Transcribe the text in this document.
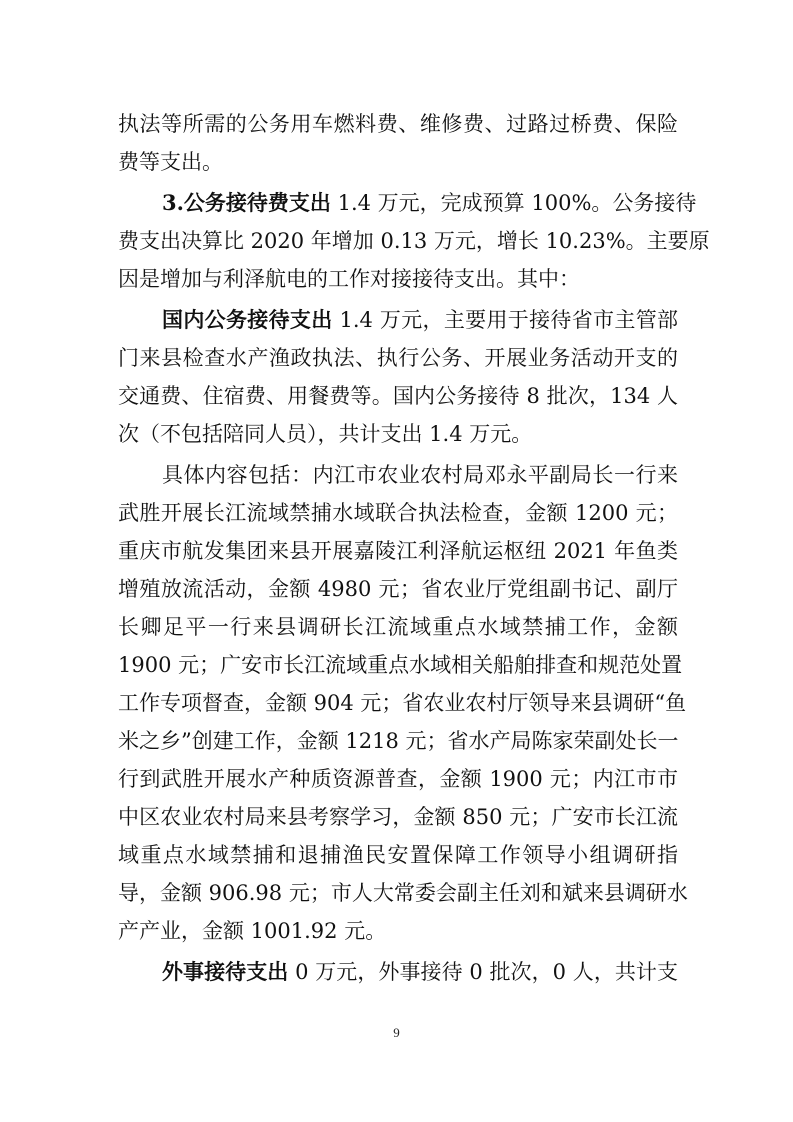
执法等所需的公务用车燃料费、维修费、过路过桥费、保险
费等支出。
3.公务接待费支出 1.4 万元，完成预算 100%。公务接待
费支出决算比 2020 年增加 0.13 万元，增长 10.23%。主要原
因是增加与利泽航电的工作对接接待支出。其中：
国内公务接待支出 1.4 万元，主要用于接待省市主管部
门来县检查水产渔政执法、执行公务、开展业务活动开支的
交通费、住宿费、用餐费等。国内公务接待 8 批次，134 人
次（不包括陪同人员），共计支出 1.4 万元。
具体内容包括：内江市农业农村局邓永平副局长一行来
武胜开展长江流域禁捕水域联合执法检查，金额 1200 元；
重庆市航发集团来县开展嘉陵江利泽航运枢纽 2021 年鱼类
增殖放流活动，金额 4980 元；省农业厅党组副书记、副厅
长卿足平一行来县调研长江流域重点水域禁捕工作，金额
1900 元；广安市长江流域重点水域相关船舶排查和规范处置
工作专项督查，金额 904 元；省农业农村厅领导来县调研“鱼
米之乡”创建工作，金额 1218 元；省水产局陈家荣副处长一
行到武胜开展水产种质资源普查，金额 1900 元；内江市市
中区农业农村局来县考察学习，金额 850 元；广安市长江流
域重点水域禁捕和退捕渔民安置保障工作领导小组调研指
导，金额 906.98 元；市人大常委会副主任刘和斌来县调研水
产产业，金额 1001.92 元。
外事接待支出 0 万元，外事接待 0 批次，0 人，共计支
9
